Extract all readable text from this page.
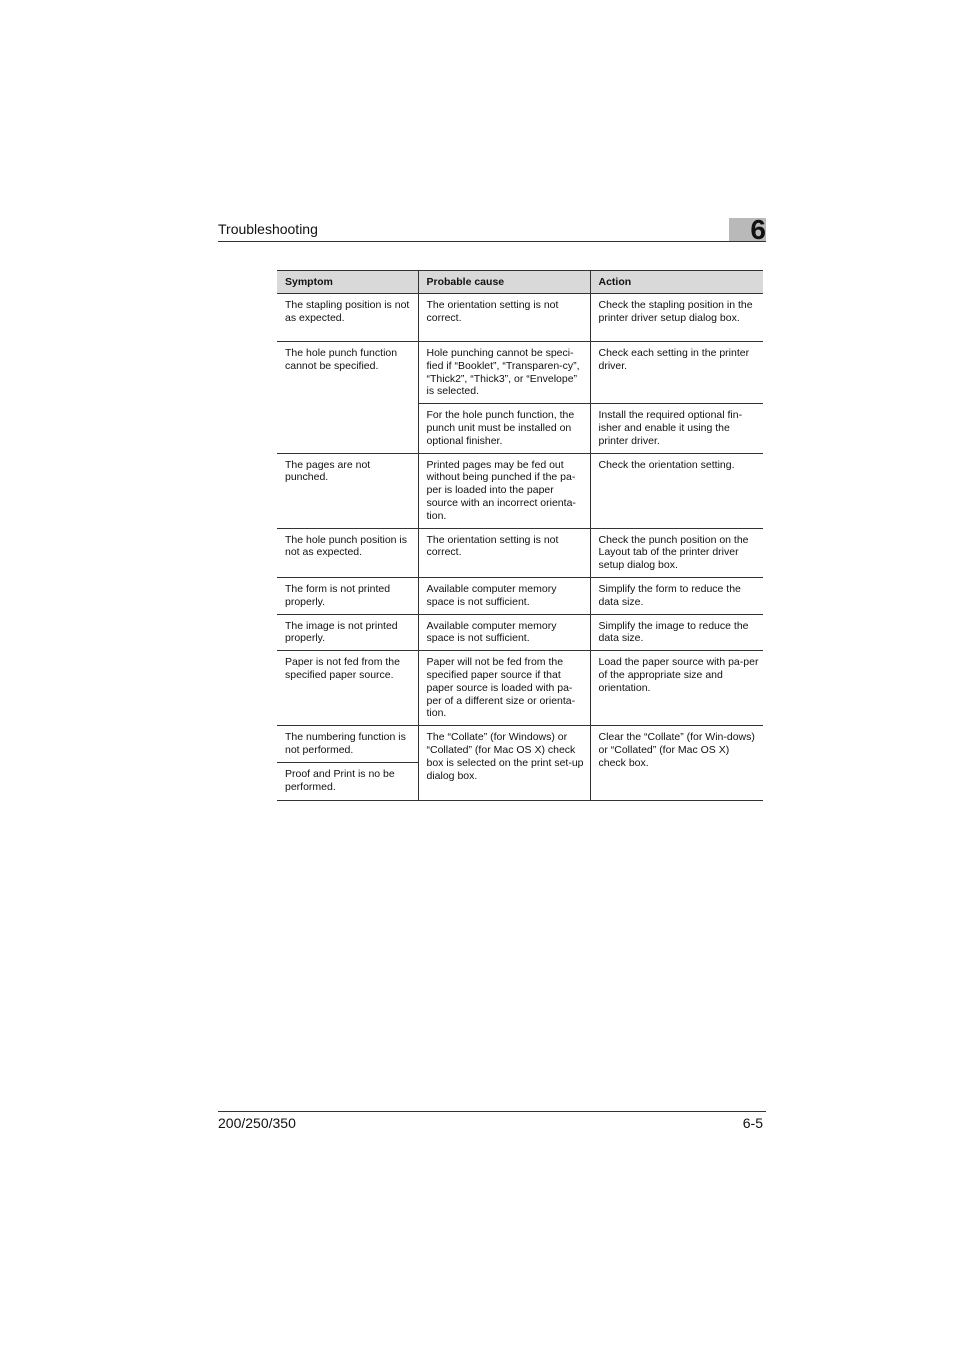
Troubleshooting	6
Symptom	Probable cause	Action
The stapling position is not as expected.	The orientation setting is not correct.	Check the stapling position in the printer driver setup dialog box.
The hole punch function cannot be specified.	Hole punching cannot be speci-fied if “Booklet”, “Transparen-cy”, “Thick2”, “Thick3”, or “Envelope” is selected.	Check each setting in the printer driver.
	For the hole punch function, the punch unit must be installed on optional finisher.	Install the required optional fin-isher and enable it using the printer driver.
The pages are not punched.	Printed pages may be fed out without being punched if the pa-per is loaded into the paper source with an incorrect orienta-tion.	Check the orientation setting.
The hole punch position is not as expected.	The orientation setting is not correct.	Check the punch position on the Layout tab of the printer driver setup dialog box.
The form is not printed properly.	Available computer memory space is not sufficient.	Simplify the form to reduce the data size.
The image is not printed properly.	Available computer memory space is not sufficient.	Simplify the image to reduce the data size.
Paper is not fed from the specified paper source.	Paper will not be fed from the specified paper source if that paper source is loaded with pa-per of a different size or orienta-tion.	Load the paper source with pa-per of the appropriate size and orientation.
The numbering function is not performed.	The “Collate” (for Windows) or “Collated” (for Mac OS X) check box is selected on the print set-up dialog box.	Clear the “Collate” (for Win-dows) or “Collated” (for Mac OS X) check box.
Proof and Print is no be performed.		
200/250/350	6-5
